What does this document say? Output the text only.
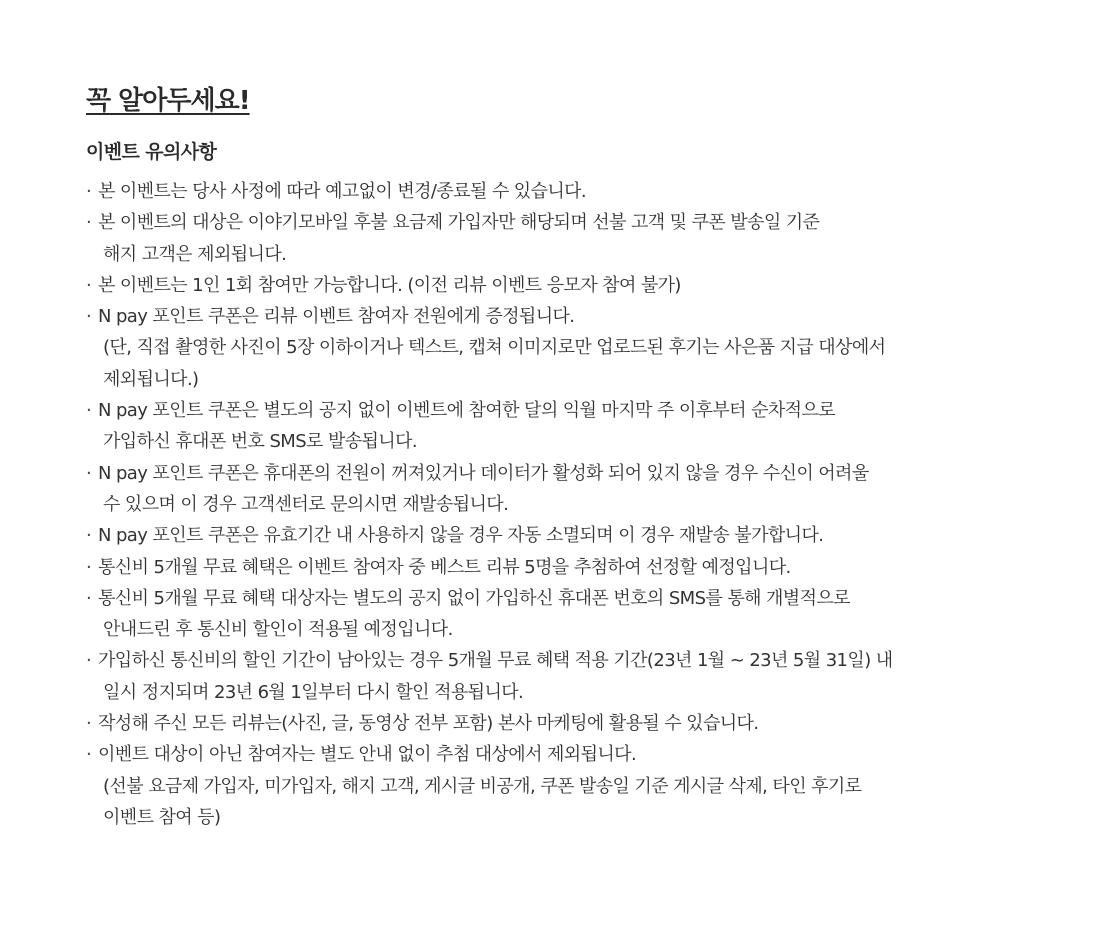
꼭 알아두세요!
이벤트 유의사항
· 본 이벤트는 당사 사정에 따라 예고없이 변경/종료될 수 있습니다.
· 본 이벤트의 대상은 이야기모바일 후불 요금제 가입자만 해당되며 선불 고객 및 쿠폰 발송일 기준
해지 고객은 제외됩니다.
· 본 이벤트는 1인 1회 참여만 가능합니다. (이전 리뷰 이벤트 응모자 참여 불가)
· N pay 포인트 쿠폰은 리뷰 이벤트 참여자 전원에게 증정됩니다.
(단, 직접 촬영한 사진이 5장 이하이거나 텍스트, 캡쳐 이미지로만 업로드된 후기는 사은품 지급 대상에서
제외됩니다.)
· N pay 포인트 쿠폰은 별도의 공지 없이 이벤트에 참여한 달의 익월 마지막 주 이후부터 순차적으로
가입하신 휴대폰 번호 SMS로 발송됩니다.
· N pay 포인트 쿠폰은 휴대폰의 전원이 꺼져있거나 데이터가 활성화 되어 있지 않을 경우 수신이 어려울
수 있으며 이 경우 고객센터로 문의시면 재발송됩니다.
· N pay 포인트 쿠폰은 유효기간 내 사용하지 않을 경우 자동 소멸되며 이 경우 재발송 불가합니다.
· 통신비 5개월 무료 혜택은 이벤트 참여자 중 베스트 리뷰 5명을 추첨하여 선정할 예정입니다.
· 통신비 5개월 무료 혜택 대상자는 별도의 공지 없이 가입하신 휴대폰 번호의 SMS를 통해 개별적으로
안내드린 후 통신비 할인이 적용될 예정입니다.
· 가입하신 통신비의 할인 기간이 남아있는 경우 5개월 무료 혜택 적용 기간(23년 1월 ~ 23년 5월 31일) 내
일시 정지되며 23년 6월 1일부터 다시 할인 적용됩니다.
· 작성해 주신 모든 리뷰는(사진, 글, 동영상 전부 포함) 본사 마케팅에 활용될 수 있습니다.
· 이벤트 대상이 아닌 참여자는 별도 안내 없이 추첨 대상에서 제외됩니다.
(선불 요금제 가입자, 미가입자, 해지 고객, 게시글 비공개, 쿠폰 발송일 기준 게시글 삭제, 타인 후기로
이벤트 참여 등)
